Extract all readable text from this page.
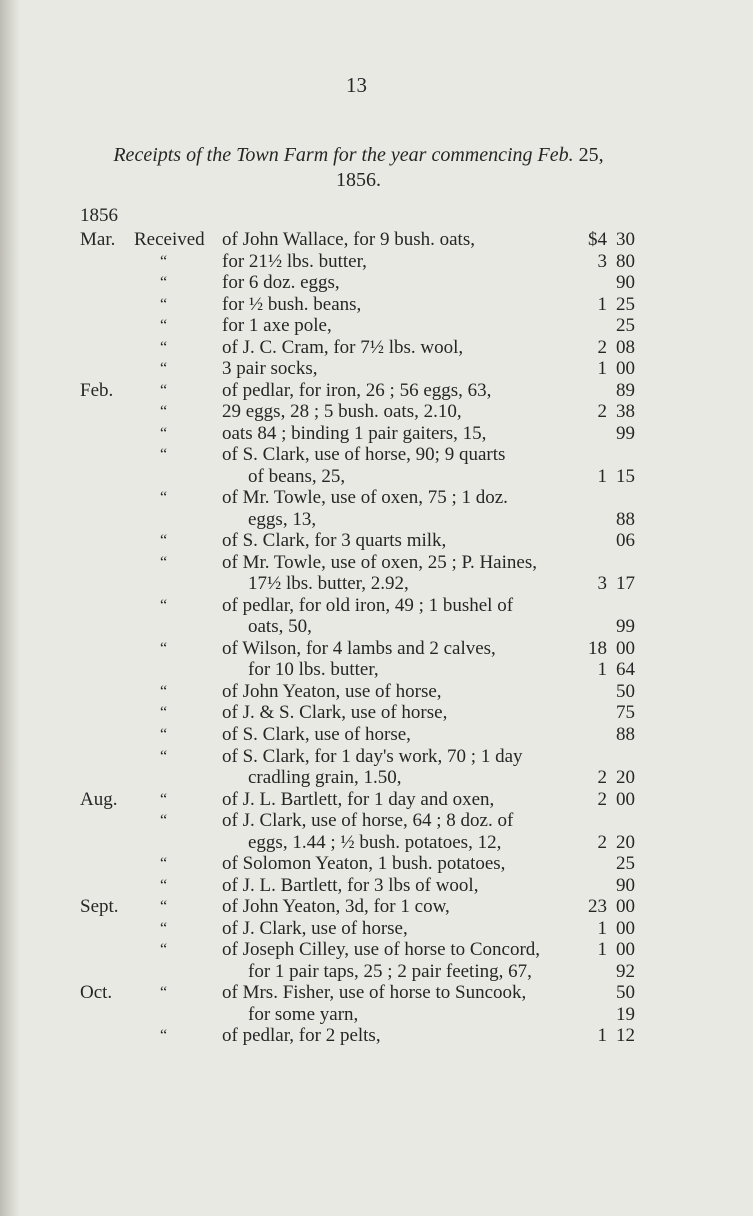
13
Receipts of the Town Farm for the year commencing Feb. 25,
1856.
1856
Mar. Received of John Wallace, for 9 bush. oats,	$4 30
“	for 21½ lbs. butter,	3 80
“	for 6 doz. eggs,	90
“	for ½ bush. beans,	1 25
“	for 1 axe pole,	25
“	of J. C. Cram, for 7½ lbs. wool,	2 08
“	3 pair socks,	1 00
Feb.	“	of pedlar, for iron, 26 ; 56 eggs, 63,	89
“	29 eggs, 28 ; 5 bush. oats, 2.10,	2 38
“	oats 84 ; binding 1 pair gaiters, 15,	99
“	of S. Clark, use of horse, 90; 9 quarts
of beans, 25,	1 15
“	of Mr. Towle, use of oxen, 75 ; 1 doz.
eggs, 13,	88
“	of S. Clark, for 3 quarts milk,	06
“	of Mr. Towle, use of oxen, 25 ; P. Haines,
17½ lbs. butter, 2.92,	3 17
“	of pedlar, for old iron, 49 ; 1 bushel of
oats, 50,	99
“	of Wilson, for 4 lambs and 2 calves,	18 00
for 10 lbs. butter,	1 64
“	of John Yeaton, use of horse,	50
“	of J. & S. Clark, use of horse,	75
“	of S. Clark, use of horse,	88
“	of S. Clark, for 1 day's work, 70 ; 1 day
cradling grain, 1.50,	2 20
Aug.	“	of J. L. Bartlett, for 1 day and oxen,	2 00
“	of J. Clark, use of horse, 64 ; 8 doz. of
eggs, 1.44 ; ½ bush. potatoes, 12,	2 20
“	of Solomon Yeaton, 1 bush. potatoes,	25
“	of J. L. Bartlett, for 3 lbs of wool,	90
Sept.	“	of John Yeaton, 3d, for 1 cow,	23 00
“	of J. Clark, use of horse,	1 00
“	of Joseph Cilley, use of horse to Concord,	1 00
for 1 pair taps, 25 ; 2 pair feeting, 67,	92
Oct.	“	of Mrs. Fisher, use of horse to Suncook,	50
for some yarn,	19
“	of pedlar, for 2 pelts,	1 12
